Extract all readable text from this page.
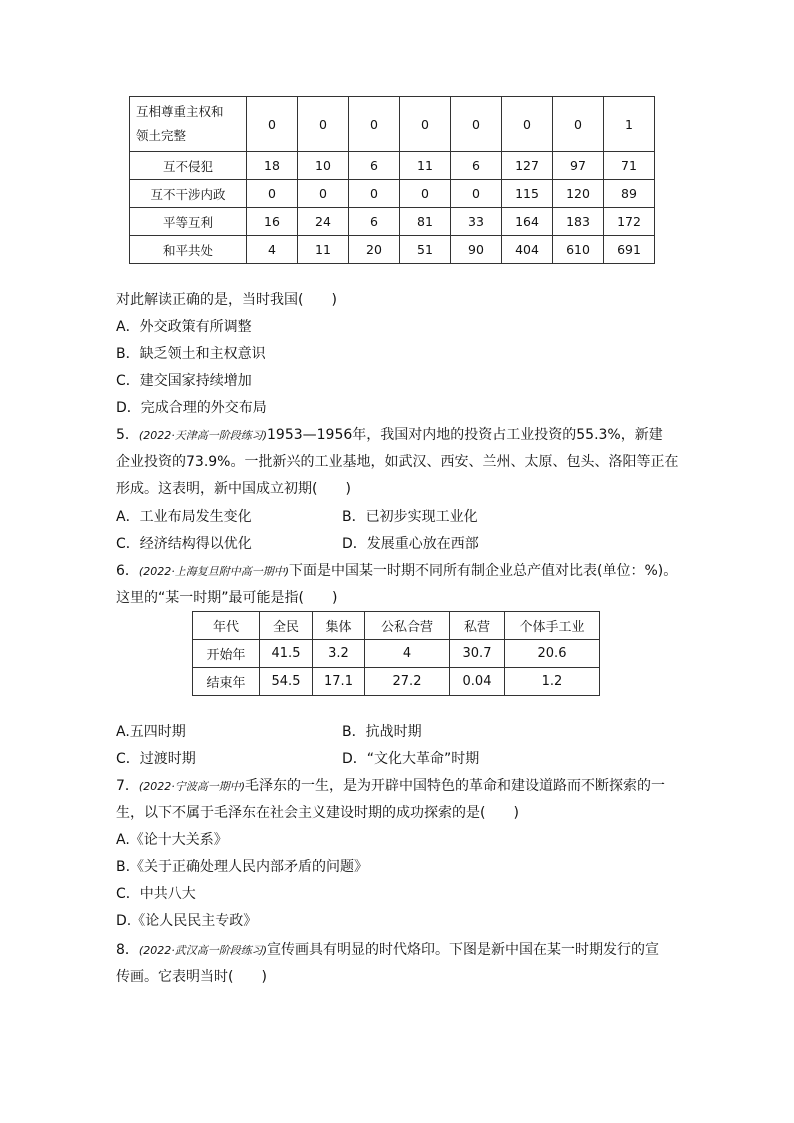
互相尊重主权和
领土完整	0	0	0	0	0	0	0	1
互不侵犯	18	10	6	11	6	127	97	71
互不干涉内政	0	0	0	0	0	115	120	89
平等互利	16	24	6	81	33	164	183	172
和平共处	4	11	20	51	90	404	610	691
对此解读正确的是，当时我国(　　)
A．外交政策有所调整
B．缺乏领土和主权意识
C．建交国家持续增加
D．完成合理的外交布局
5．(2022·天津高一阶段练习)1953—1956年，我国对内地的投资占工业投资的55.3%，新建
企业投资的73.9%。一批新兴的工业基地，如武汉、西安、兰州、太原、包头、洛阳等正在
形成。这表明，新中国成立初期(　　)
A．工业布局发生变化	B．已初步实现工业化
C．经济结构得以优化	D．发展重心放在西部
6．(2022·上海复旦附中高一期中)下面是中国某一时期不同所有制企业总产值对比表(单位：%)。
这里的“某一时期”最可能是指(　　)
年代	全民	集体	公私合营	私营	个体手工业
开始年	41.5	3.2	4	30.7	20.6
结束年	54.5	17.1	27.2	0.04	1.2
A.五四时期	B．抗战时期
C．过渡时期	D．“文化大革命”时期
7．(2022·宁波高一期中)毛泽东的一生，是为开辟中国特色的革命和建设道路而不断探索的一
生，以下不属于毛泽东在社会主义建设时期的成功探索的是(　　)
A.《论十大关系》
B.《关于正确处理人民内部矛盾的问题》
C．中共八大
D.《论人民民主专政》
8．(2022·武汉高一阶段练习)宣传画具有明显的时代烙印。下图是新中国在某一时期发行的宣
传画。它表明当时(　　)
